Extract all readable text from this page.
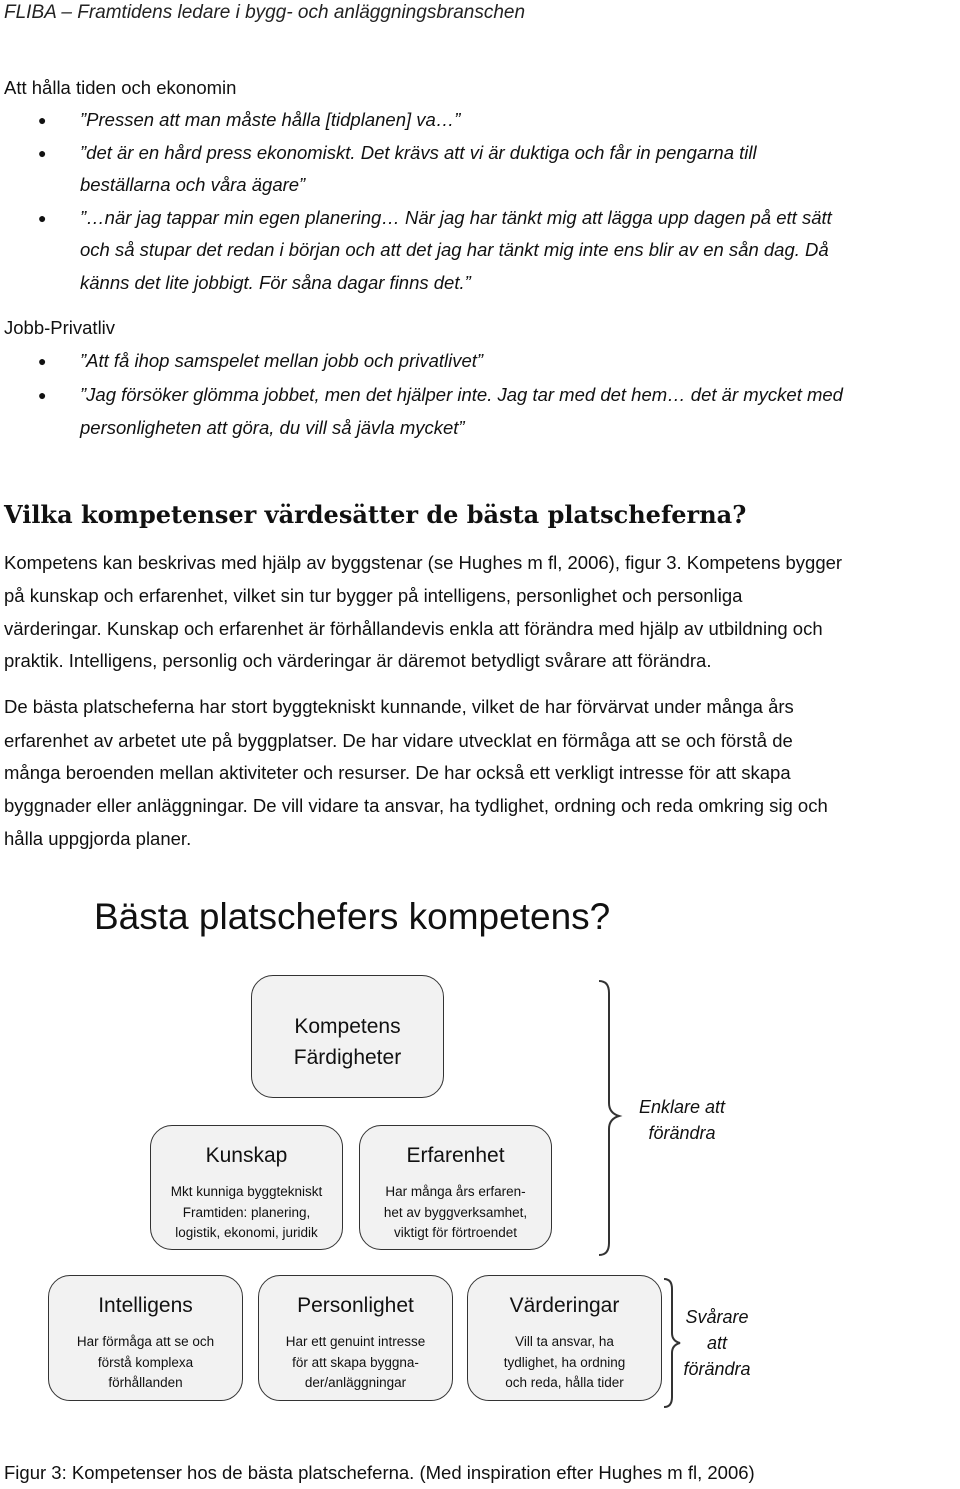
FLIBA – Framtidens ledare i bygg- och anläggningsbranschen
Att hålla tiden och ekonomin
● ”Pressen att man måste hålla [tidplanen] va…”
● ”det är en hård press ekonomiskt. Det krävs att vi är duktiga och får in pengarna till
beställarna och våra ägare”
● ”…när jag tappar min egen planering… När jag har tänkt mig att lägga upp dagen på ett sätt
och så stupar det redan i början och att det jag har tänkt mig inte ens blir av en sån dag. Då
känns det lite jobbigt. För såna dagar finns det.”
Jobb-Privatliv
● ”Att få ihop samspelet mellan jobb och privatlivet”
● ”Jag försöker glömma jobbet, men det hjälper inte. Jag tar med det hem… det är mycket med
personligheten att göra, du vill så jävla mycket”
Vilka kompetenser värdesätter de bästa platscheferna?
Kompetens kan beskrivas med hjälp av byggstenar (se Hughes m fl, 2006), figur 3. Kompetens bygger
på kunskap och erfarenhet, vilket sin tur bygger på intelligens, personlighet och personliga
värderingar. Kunskap och erfarenhet är förhållandevis enkla att förändra med hjälp av utbildning och
praktik. Intelligens, personlig och värderingar är däremot betydligt svårare att förändra.
De bästa platscheferna har stort byggtekniskt kunnande, vilket de har förvärvat under många års
erfarenhet av arbetet ute på byggplatser. De har vidare utvecklat en förmåga att se och förstå de
många beroenden mellan aktiviteter och resurser. De har också ett verkligt intresse för att skapa
byggnader eller anläggningar. De vill vidare ta ansvar, ha tydlighet, ordning och reda omkring sig och
hålla uppgjorda planer.
Bästa platschefers kompetens?
Kompetens
Färdigheter
Kunskap
Mkt kunniga byggtekniskt
Framtiden: planering,
logistik, ekonomi, juridik
Erfarenhet
Har många års erfaren-
het av byggverksamhet,
viktigt för förtroendet
Intelligens
Har förmåga att se och
förstå komplexa
förhållanden
Personlighet
Har ett genuint intresse
för att skapa byggna-
der/anläggningar
Värderingar
Vill ta ansvar, ha
tydlighet, ha ordning
och reda, hålla tider
Enklare att
förändra
Svårare
att
förändra
Figur 3: Kompetenser hos de bästa platscheferna. (Med inspiration efter Hughes m fl, 2006)
